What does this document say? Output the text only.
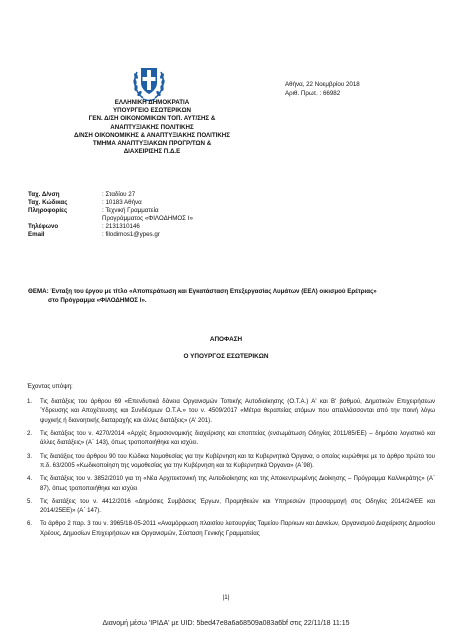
Αθήνα, 22 Νοεμβρίου 2018
Αριθ. Πρωτ. : 66982
ΕΛΛΗΝΙΚΗ ΔΗΜΟΚΡΑΤΙΑ
ΥΠΟΥΡΓΕΙΟ ΕΣΩΤΕΡΙΚΩΝ
ΓΕΝ. Δ/ΣΗ ΟΙΚΟΝΟΜΙΚΩΝ ΤΟΠ. ΑΥΤ/ΣΗΣ &
ΑΝΑΠΤΥΞΙΑΚΗΣ ΠΟΛΙΤΙΚΗΣ
Δ/ΝΣΗ ΟΙΚΟΝΟΜΙΚΗΣ & ΑΝΑΠΤΥΞΙΑΚΗΣ ΠΟΛΙΤΙΚΗΣ
ΤΜΗΜΑ ΑΝΑΠΤΥΞΙΑΚΩΝ ΠΡΟΓΡ/ΤΩΝ &
ΔΙΑΧΕΙΡΙΣΗΣ Π.Δ.Ε
Ταχ. Δ/νση	: Σταδίου 27
Ταχ. Κώδικας	: 10183 Αθήνα
Πληροφορίες	: Τεχνική Γραμματεία
Προγράμματος «ΦΙΛΟΔΗΜΟΣ Ι»
Τηλέφωνο	: 2131310146
Email	: filodimos1@ypes.gr
ΘΕΜΑ: Ένταξη του έργου με τίτλο «Αποπεράτωση και Εγκατάσταση Επεξεργασίας Λυμάτων (ΕΕΛ) οικισμού Ερέτριας»
στο Πρόγραμμα «ΦΙΛΟΔΗΜΟΣ Ι».
ΑΠΟΦΑΣΗ
Ο ΥΠΟΥΡΓΟΣ ΕΣΩΤΕΡΙΚΩΝ
Έχοντας υπόψη:
1.	Τις διατάξεις του άρθρου 69 «Επενδυτικά δάνεια Οργανισμών Τοπικής Αυτοδιοίκησης (Ο.Τ.Α.) Α' και Β' βαθμού, Δημοτικών Επιχειρήσεων Ύδρευσης και Αποχέτευσης και Συνδέσμων Ο.Τ.Α.» του ν. 4509/2017 «Μέτρα θεραπείας ατόμων που απαλλάσσονται από την ποινή λόγω ψυχικής ή διανοητικής διαταραχής και άλλες διατάξεις» (Α' 201).
2.	Τις διατάξεις του ν. 4270/2014 «Αρχές δημοσιονομικής διαχείρισης και εποπτείας (ενσωμάτωση Οδηγίας 2011/85/ΕΕ) – δημόσιο λογιστικό και άλλες διατάξεις» (Α΄ 143), όπως τροποποιήθηκε και ισχύει.
3.	Τις διατάξεις του άρθρου 90 του Κώδικα Νομοθεσίας για την Κυβέρνηση και τα Κυβερνητικά Όργανα, ο οποίος κυρώθηκε με το άρθρο πρώτο του π.δ. 63/2005 «Κωδικοποίηση της νομοθεσίας για την Κυβέρνηση και τα Κυβερνητικά Όργανα» (Α΄98).
4.	Τις διατάξεις του ν. 3852/2010 για τη «Νέα Αρχιτεκτονική της Αυτοδιοίκησης και της Αποκεντρωμένης Διοίκησης – Πρόγραμμα Καλλικράτης» (Α΄ 87), όπως τροποποιήθηκε και ισχύει
5.	Τις διατάξεις του ν. 4412/2016 «Δημόσιες Συμβάσεις Έργων, Προμηθειών και Υπηρεσιών (προσαρμογή στις Οδηγίες 2014/24/ΕΕ και 2014/25ΕΕ)» (Α΄ 147).
6.	Το άρθρο 2 παρ. 3 του ν. 3965/18-05-2011 «Αναμόρφωση πλαισίου λειτουργίας Ταμείου Παρ/κων και Δανείων, Οργανισμού Διαχείρισης Δημοσίου Χρέους, Δημοσίων Επιχειρήσεων και Οργανισμών, Σύσταση Γενικής Γραμματείας
|1|
Διανομή μέσω 'ΙΡΙΔΑ' με UID: 5bed47e8a6a68509a083a6bf στις 22/11/18 11:15
